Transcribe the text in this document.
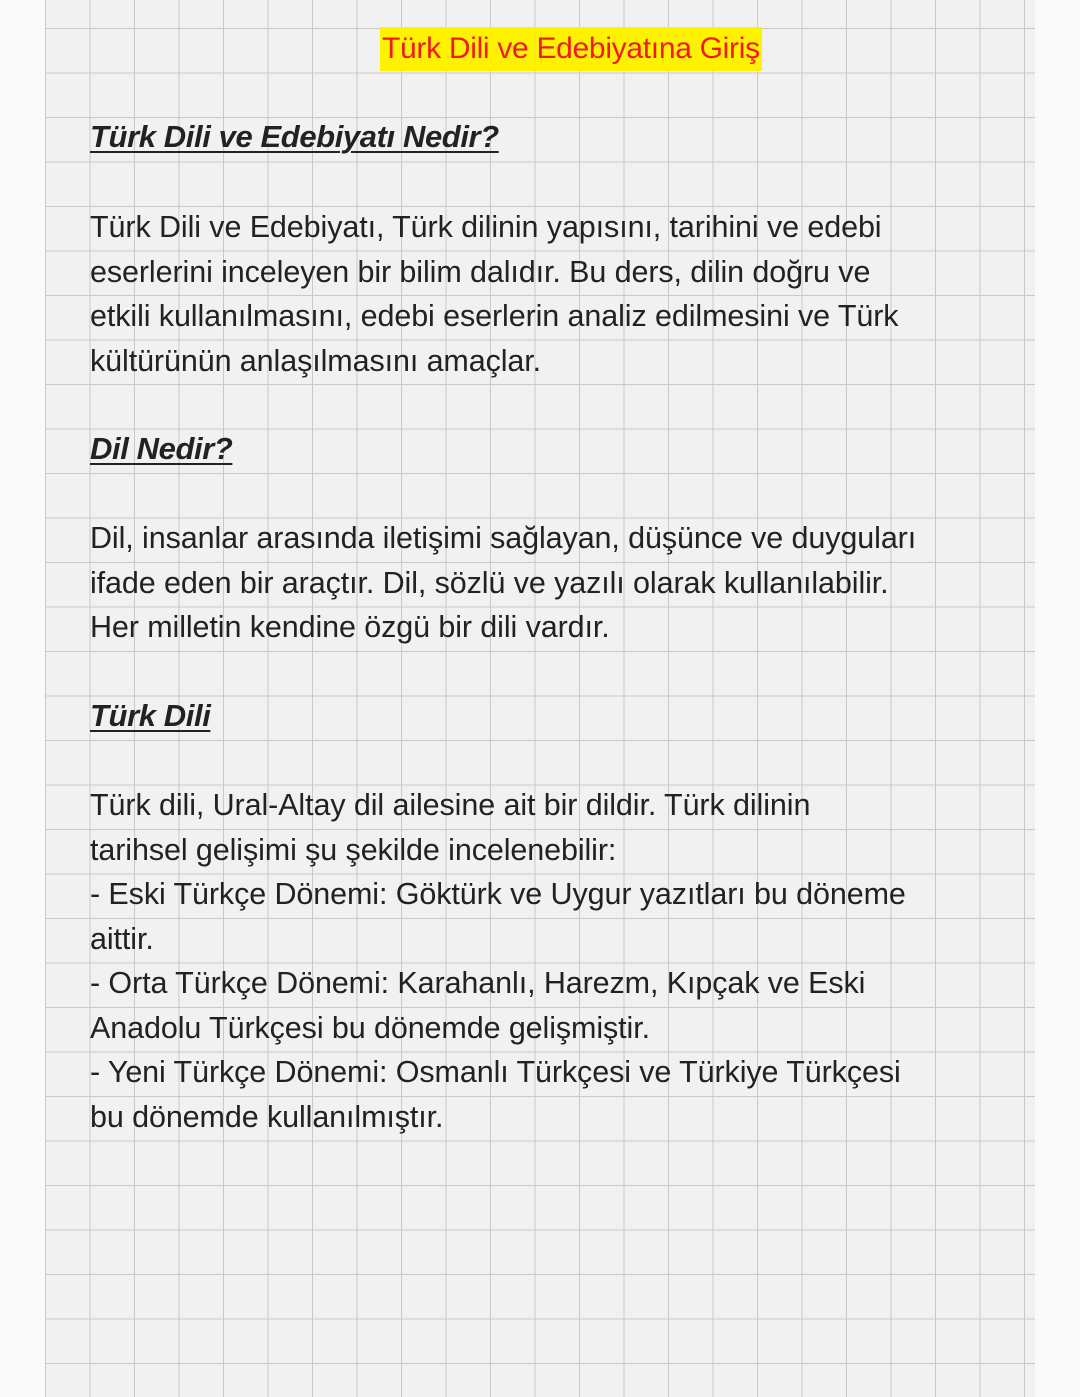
Türk Dili ve Edebiyatına Giriş
Türk Dili ve Edebiyatı Nedir?
Türk Dili ve Edebiyatı, Türk dilinin yapısını, tarihini ve edebi
eserlerini inceleyen bir bilim dalıdır. Bu ders, dilin doğru ve
etkili kullanılmasını, edebi eserlerin analiz edilmesini ve Türk
kültürünün anlaşılmasını amaçlar.
Dil Nedir?
Dil, insanlar arasında iletişimi sağlayan, düşünce ve duyguları
ifade eden bir araçtır. Dil, sözlü ve yazılı olarak kullanılabilir.
Her milletin kendine özgü bir dili vardır.
Türk Dili
Türk dili, Ural-Altay dil ailesine ait bir dildir. Türk dilinin
tarihsel gelişimi şu şekilde incelenebilir:
- Eski Türkçe Dönemi: Göktürk ve Uygur yazıtları bu döneme
aittir.
- Orta Türkçe Dönemi: Karahanlı, Harezm, Kıpçak ve Eski
Anadolu Türkçesi bu dönemde gelişmiştir.
- Yeni Türkçe Dönemi: Osmanlı Türkçesi ve Türkiye Türkçesi
bu dönemde kullanılmıştır.
